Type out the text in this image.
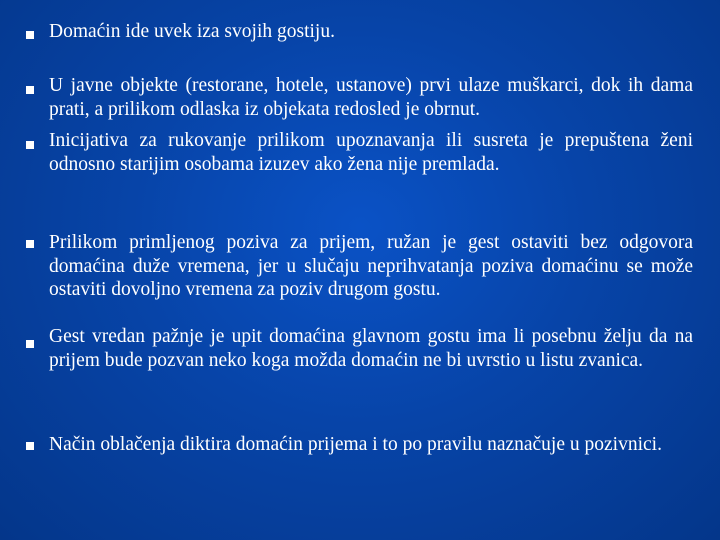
Domaćin ide uvek iza svojih gostiju.
U javne objekte (restorane, hotele, ustanove) prvi ulaze muškarci, dok ih dama prati, a prilikom odlaska iz objekata redosled je obrnut.
Inicijativa za rukovanje prilikom upoznavanja ili susreta je prepuštena ženi odnosno starijim osobama izuzev ako žena nije premlada.
Prilikom primljenog poziva za prijem, ružan je gest ostaviti bez odgovora domaćina duže vremena, jer u slučaju neprihvatanja poziva domaćinu se može ostaviti dovoljno vremena za poziv drugom gostu.
Gest vredan pažnje je upit domaćina glavnom gostu ima li posebnu želju da na prijem bude pozvan neko koga možda domaćin ne bi uvrstio u listu zvanica.
Način oblačenja diktira domaćin prijema i to po pravilu naznačuje u pozivnici.
